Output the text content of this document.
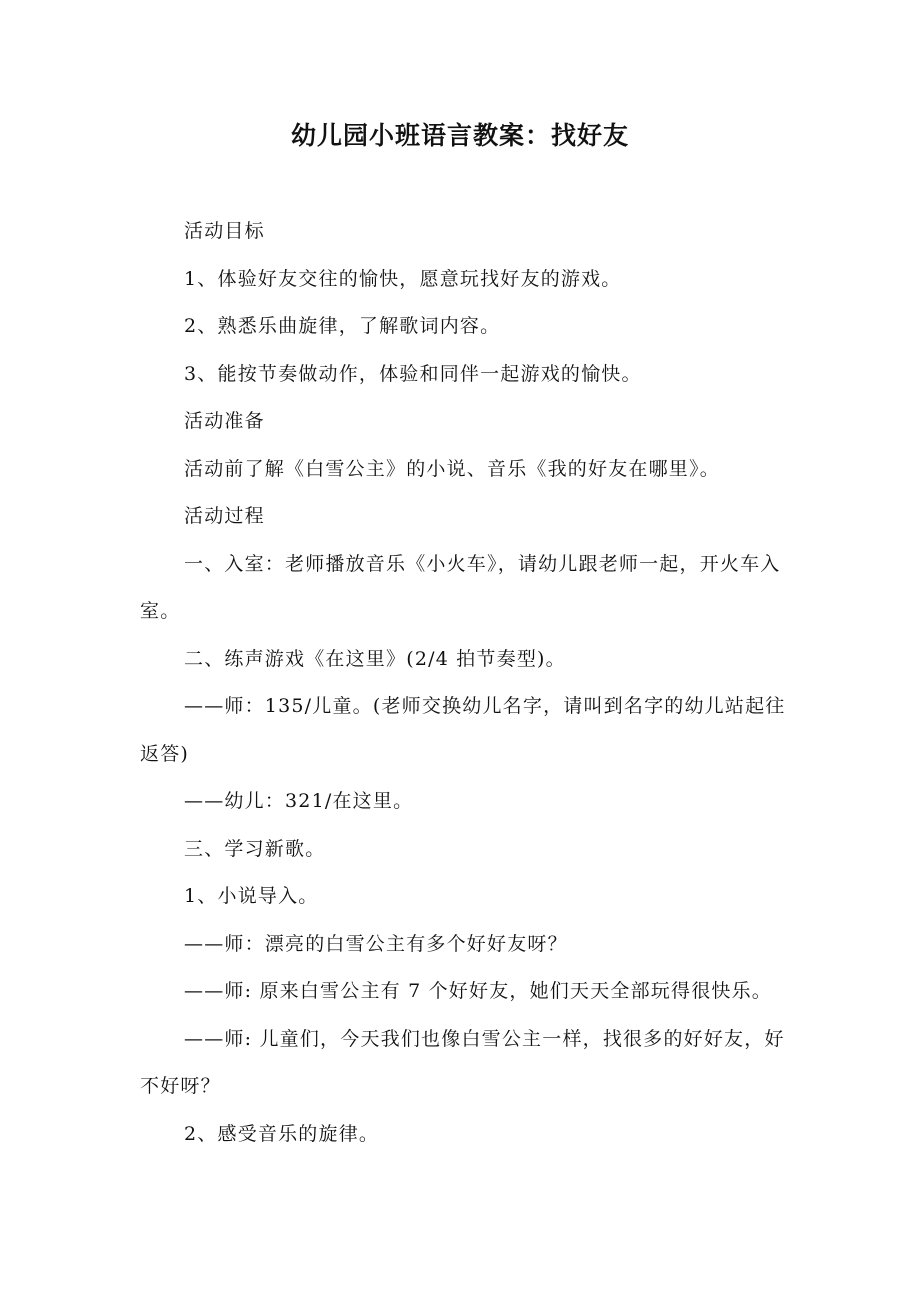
幼儿园小班语言教案：找好友

活动目标

1、体验好友交往的愉快，愿意玩找好友的游戏。

2、熟悉乐曲旋律，了解歌词内容。

3、能按节奏做动作，体验和同伴一起游戏的愉快。

活动准备

活动前了解《白雪公主》的小说、音乐《我的好友在哪里》。

活动过程

一、入室：老师播放音乐《小火车》，请幼儿跟老师一起，开火车入室。

二、练声游戏《在这里》(2/4 拍节奏型)。

——师：135/儿童。(老师交换幼儿名字，请叫到名字的幼儿站起往返答)

——幼儿：321/在这里。

三、学习新歌。

1、小说导入。

——师：漂亮的白雪公主有多个好好友呀？

——师: 原来白雪公主有 7 个好好友，她们天天全部玩得很快乐。

——师: 儿童们，今天我们也像白雪公主一样，找很多的好好友，好不好呀？

2、感受音乐的旋律。
